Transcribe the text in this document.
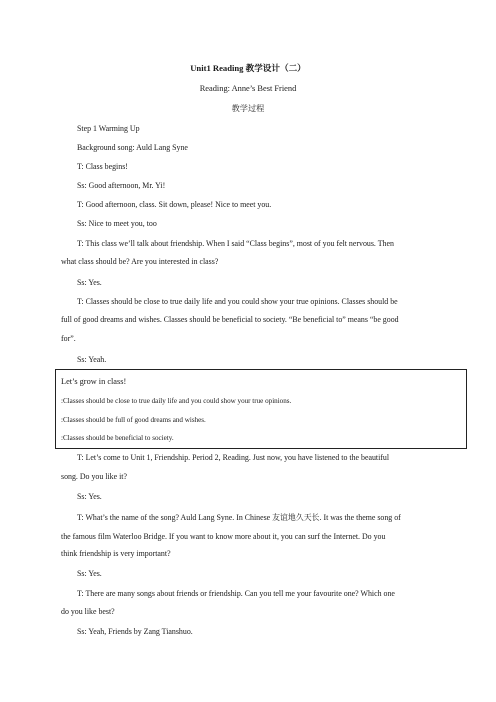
Unit1 Reading 教学设计（二）
Reading: Anne’s Best Friend
教学过程
Step 1 Warming Up
Background song: Auld Lang Syne
T: Class begins!
Ss: Good afternoon, Mr. Yi!
T: Good afternoon, class. Sit down, please! Nice to meet you.
Ss: Nice to meet you, too
T: This class we’ll talk about friendship. When I said “Class begins”, most of you felt nervous. Then
what class should be? Are you interested in class?
Ss: Yes.
T: Classes should be close to true daily life and you could show your true opinions. Classes should be
full of good dreams and wishes. Classes should be beneficial to society. “Be beneficial to” means “be good
for”.
Ss: Yeah.
Let’s grow in class!
:Classes should be close to true daily life and you could show your true opinions.
:Classes should be full of good dreams and wishes.
:Classes should be beneficial to society.
T: Let’s come to Unit 1, Friendship. Period 2, Reading. Just now, you have listened to the beautiful
song. Do you like it?
Ss: Yes.
T: What’s the name of the song? Auld Lang Syne. In Chinese 友谊地久天长. It was the theme song of
the famous film Waterloo Bridge. If you want to know more about it, you can surf the Internet. Do you
think friendship is very important?
Ss: Yes.
T: There are many songs about friends or friendship. Can you tell me your favourite one? Which one
do you like best?
Ss: Yeah, Friends by Zang Tianshuo.
